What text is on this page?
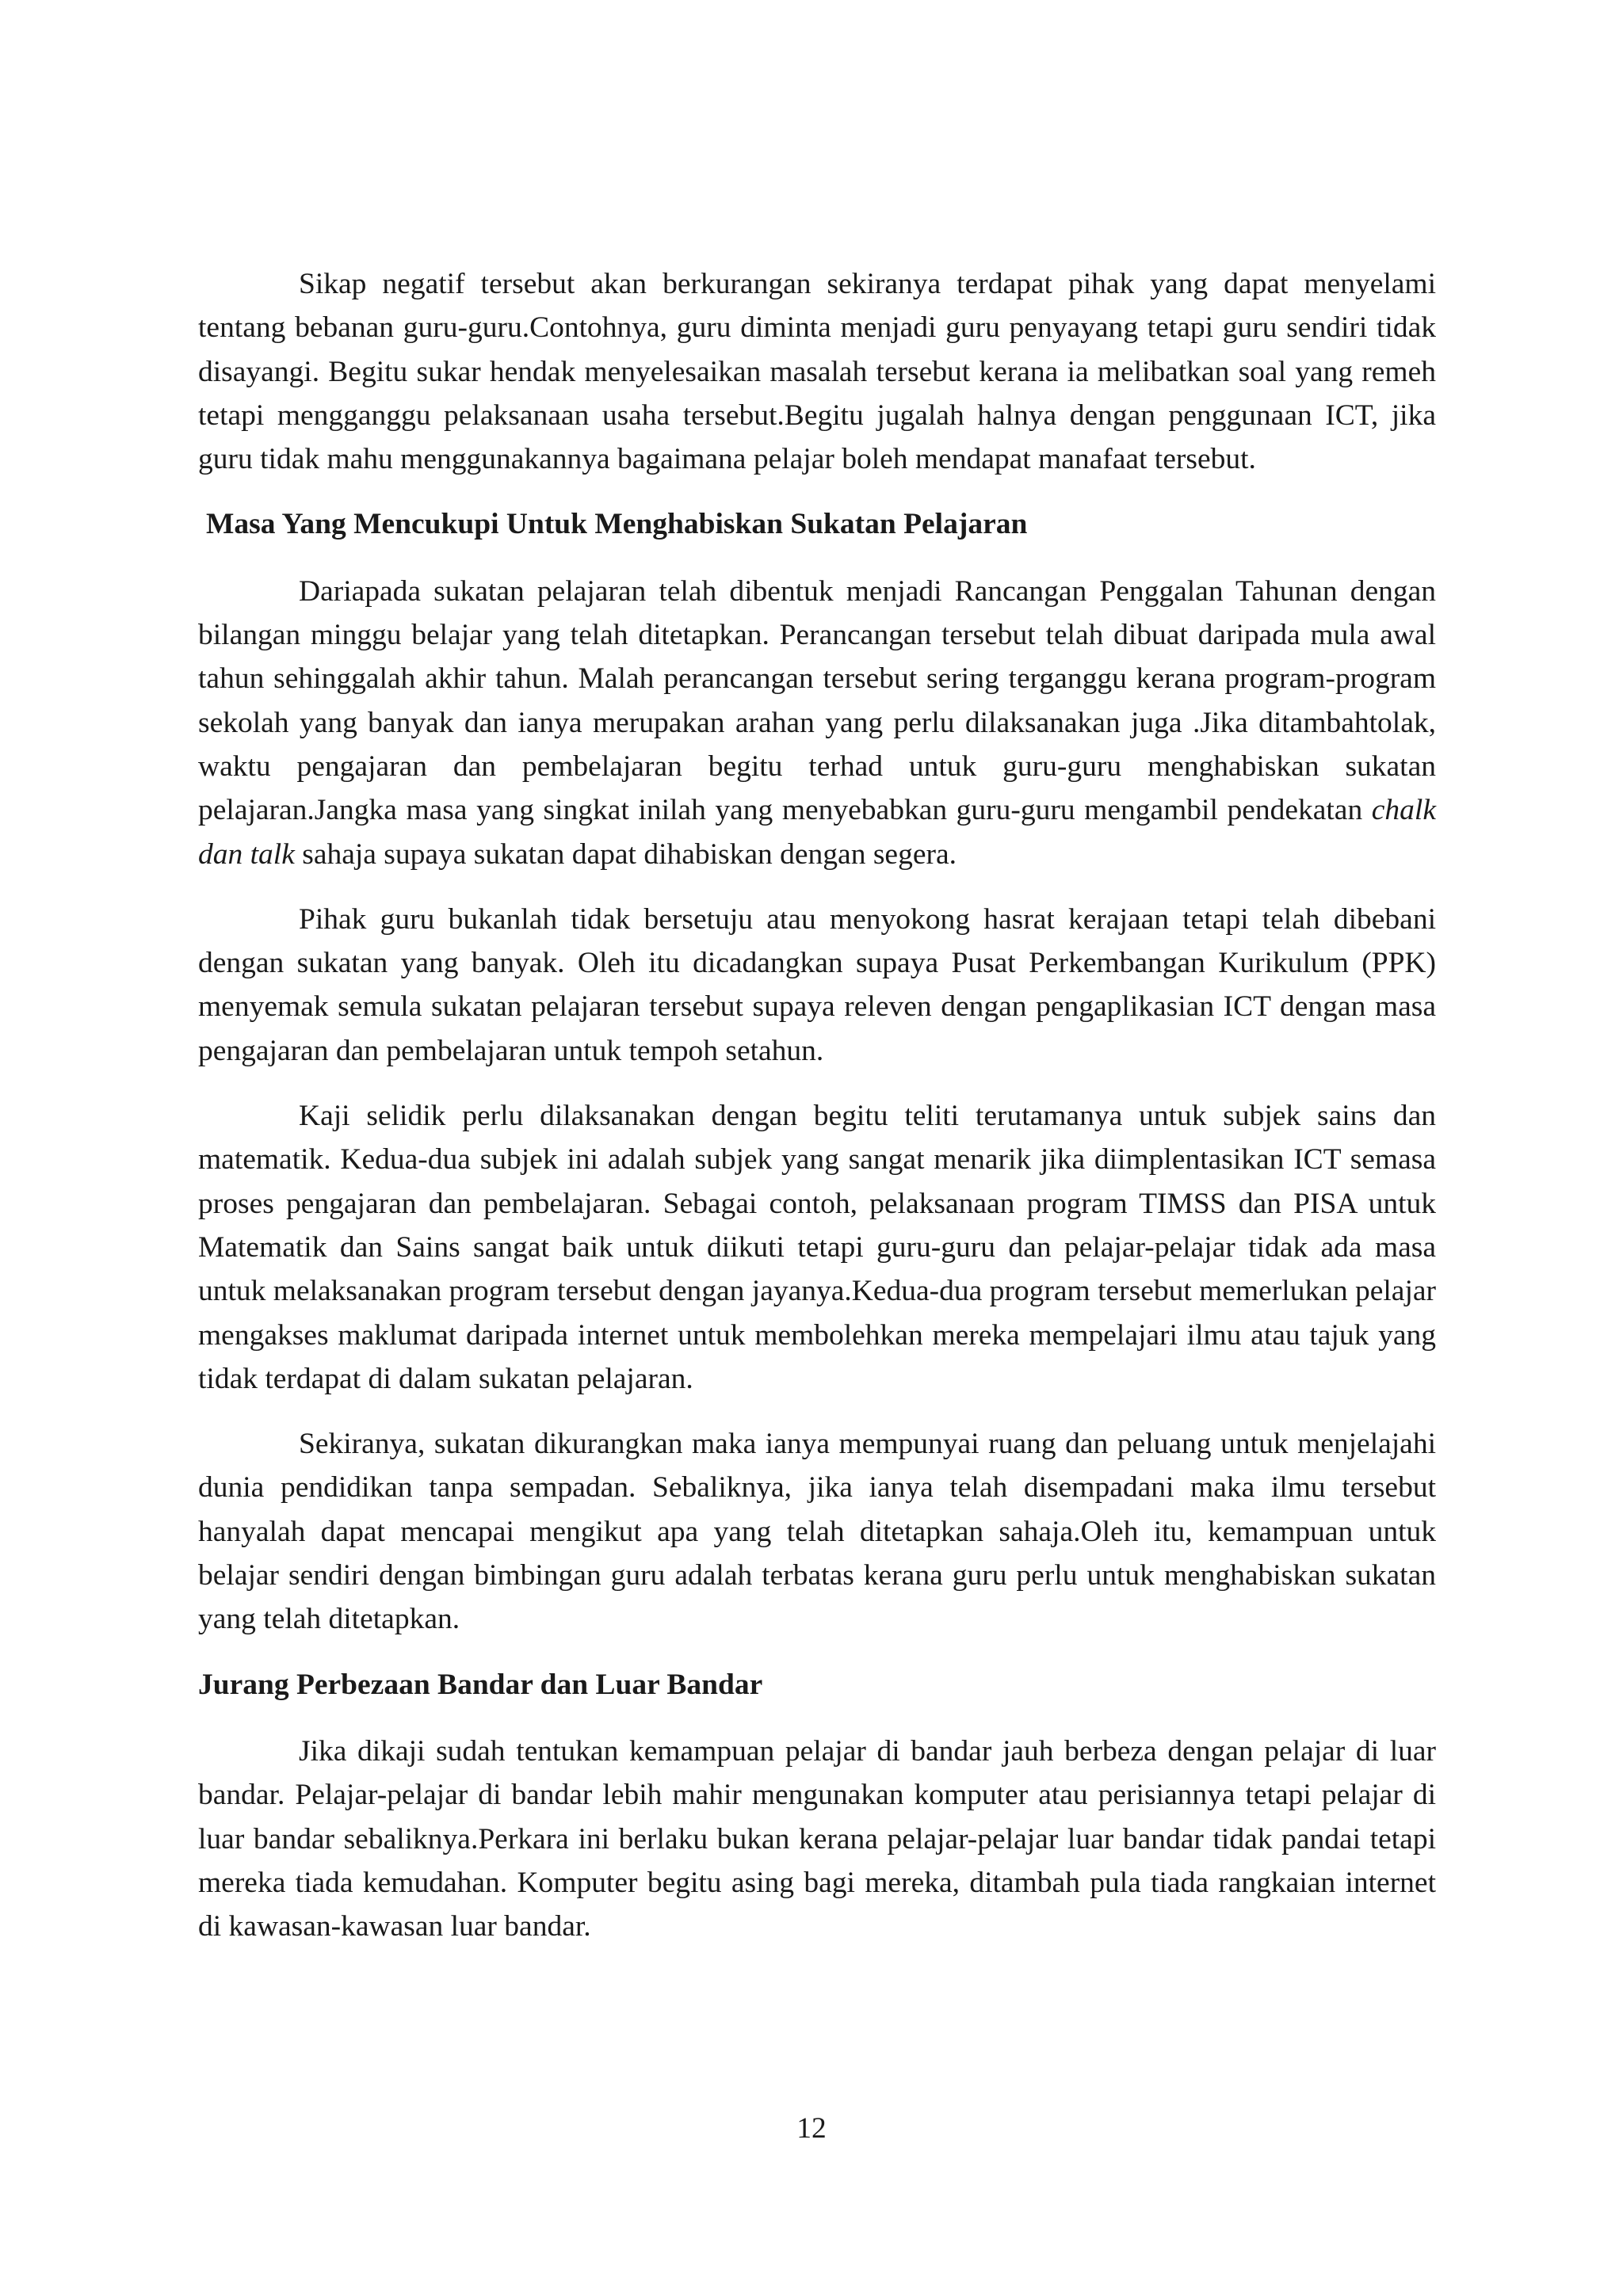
Sikap negatif tersebut akan berkurangan sekiranya terdapat pihak yang dapat menyelami tentang bebanan guru-guru.Contohnya, guru diminta menjadi guru penyayang tetapi guru sendiri tidak disayangi. Begitu sukar hendak menyelesaikan masalah tersebut kerana ia melibatkan soal yang remeh tetapi mengganggu pelaksanaan usaha tersebut.Begitu jugalah halnya dengan penggunaan ICT, jika guru tidak mahu menggunakannya bagaimana pelajar boleh mendapat manafaat tersebut.

Masa Yang Mencukupi Untuk Menghabiskan Sukatan Pelajaran

Dariapada sukatan pelajaran telah dibentuk menjadi Rancangan Penggalan Tahunan dengan bilangan minggu belajar yang telah ditetapkan. Perancangan tersebut telah dibuat daripada mula awal tahun sehinggalah akhir tahun. Malah perancangan tersebut sering terganggu kerana program-program sekolah yang banyak dan ianya merupakan arahan yang perlu dilaksanakan juga .Jika ditambahtolak, waktu pengajaran dan pembelajaran begitu terhad untuk guru-guru menghabiskan sukatan pelajaran.Jangka masa yang singkat inilah yang menyebabkan guru-guru mengambil pendekatan chalk dan talk sahaja supaya sukatan dapat dihabiskan dengan segera.

Pihak guru bukanlah tidak bersetuju atau menyokong hasrat kerajaan tetapi telah dibebani dengan sukatan yang banyak. Oleh itu dicadangkan supaya Pusat Perkembangan Kurikulum (PPK) menyemak semula sukatan pelajaran tersebut supaya releven dengan pengaplikasian ICT dengan masa pengajaran dan pembelajaran untuk tempoh setahun.

Kaji selidik perlu dilaksanakan dengan begitu teliti terutamanya untuk subjek sains dan matematik. Kedua-dua subjek ini adalah subjek yang sangat menarik jika diimplentasikan ICT semasa proses pengajaran dan pembelajaran. Sebagai contoh, pelaksanaan program TIMSS dan PISA untuk Matematik dan Sains sangat baik untuk diikuti tetapi guru-guru dan pelajar-pelajar tidak ada masa untuk melaksanakan program tersebut dengan jayanya.Kedua-dua program tersebut memerlukan pelajar mengakses maklumat daripada internet untuk membolehkan mereka mempelajari ilmu atau tajuk yang tidak terdapat di dalam sukatan pelajaran.

Sekiranya, sukatan dikurangkan maka ianya mempunyai ruang dan peluang untuk menjelajahi dunia pendidikan tanpa sempadan. Sebaliknya, jika ianya telah disempadani maka ilmu tersebut hanyalah dapat mencapai mengikut apa yang telah ditetapkan sahaja.Oleh itu, kemampuan untuk belajar sendiri dengan bimbingan guru adalah terbatas kerana guru perlu untuk menghabiskan sukatan yang telah ditetapkan.

Jurang Perbezaan Bandar dan Luar Bandar

Jika dikaji sudah tentukan kemampuan pelajar di bandar jauh berbeza dengan pelajar di luar bandar. Pelajar-pelajar di bandar lebih mahir mengunakan komputer atau perisiannya tetapi pelajar di luar bandar sebaliknya.Perkara ini berlaku bukan kerana pelajar-pelajar luar bandar tidak pandai tetapi mereka tiada kemudahan. Komputer begitu asing bagi mereka, ditambah pula tiada rangkaian internet di kawasan-kawasan luar bandar.

12
